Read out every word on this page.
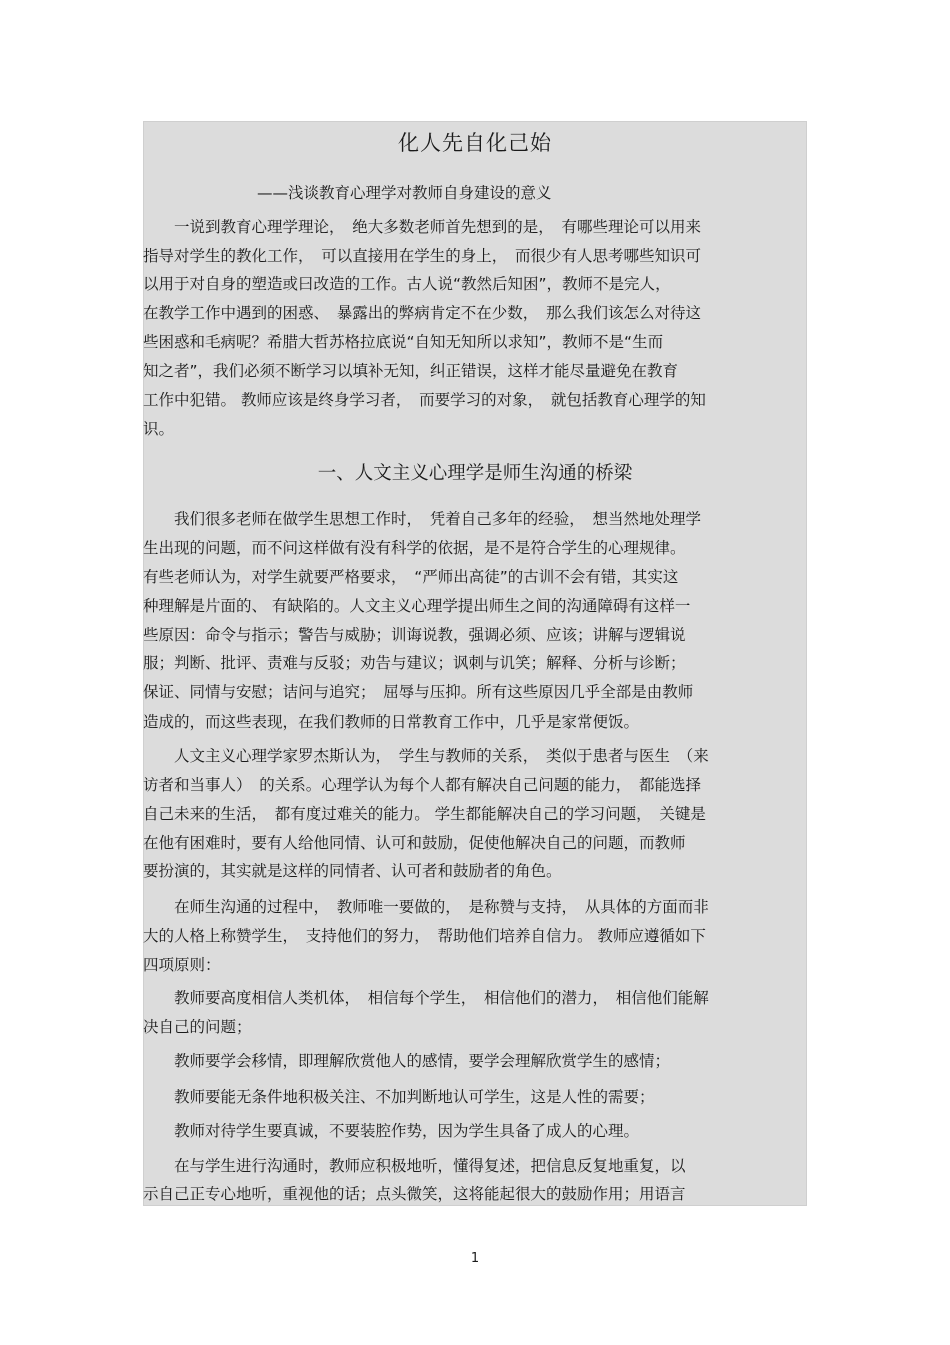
化人先自化己始
——浅谈教育心理学对教师自身建设的意义
　　一说到教育心理学理论，　绝大多数老师首先想到的是，　有哪些理论可以用来
指导对学生的教化工作，　可以直接用在学生的身上，　而很少有人思考哪些知识可
以用于对自身的塑造或曰改造的工作。古人说“教然后知困”，教师不是完人，
在教学工作中遇到的困惑、　暴露出的弊病肯定不在少数，　那么我们该怎么对待这
些困惑和毛病呢？希腊大哲苏格拉底说“自知无知所以求知”，教师不是“生而
知之者”，我们必须不断学习以填补无知，纠正错误，这样才能尽量避免在教育
工作中犯错。 教师应该是终身学习者，　而要学习的对象，　就包括教育心理学的知
识。
一、人文主义心理学是师生沟通的桥梁
　　我们很多老师在做学生思想工作时，　凭着自己多年的经验，　想当然地处理学
生出现的问题，而不问这样做有没有科学的依据，是不是符合学生的心理规律。
有些老师认为，对学生就要严格要求，　“严师出高徒”的古训不会有错，其实这
种理解是片面的、 有缺陷的。人文主义心理学提出师生之间的沟通障碍有这样一
些原因：命令与指示；警告与威胁；训诲说教，强调必须、应该；讲解与逻辑说
服；判断、批评、责难与反驳；劝告与建议；讽刺与讥笑；解释、分析与诊断；
保证、同情与安慰；诘问与追究；　屈辱与压抑。所有这些原因几乎全部是由教师
造成的，而这些表现，在我们教师的日常教育工作中，几乎是家常便饭。
　　人文主义心理学家罗杰斯认为，　学生与教师的关系，　类似于患者与医生　（来
访者和当事人）　的关系。心理学认为每个人都有解决自己问题的能力，　都能选择
自己未来的生活，　都有度过难关的能力。 学生都能解决自己的学习问题，　关键是
在他有困难时，要有人给他同情、认可和鼓励，促使他解决自己的问题，而教师
要扮演的，其实就是这样的同情者、认可者和鼓励者的角色。
　　在师生沟通的过程中，　教师唯一要做的，　是称赞与支持，　从具体的方面而非
大的人格上称赞学生，　支持他们的努力，　帮助他们培养自信力。 教师应遵循如下
四项原则：
　　教师要高度相信人类机体，　相信每个学生，　相信他们的潜力，　相信他们能解
决自己的问题；
　　教师要学会移情，即理解欣赏他人的感情，要学会理解欣赏学生的感情；
　　教师要能无条件地积极关注、不加判断地认可学生，这是人性的需要；
　　教师对待学生要真诚，不要装腔作势，因为学生具备了成人的心理。
　　在与学生进行沟通时，教师应积极地听，懂得复述，把信息反复地重复，以
示自己正专心地听，重视他的话；点头微笑，这将能起很大的鼓励作用；用语言
1
